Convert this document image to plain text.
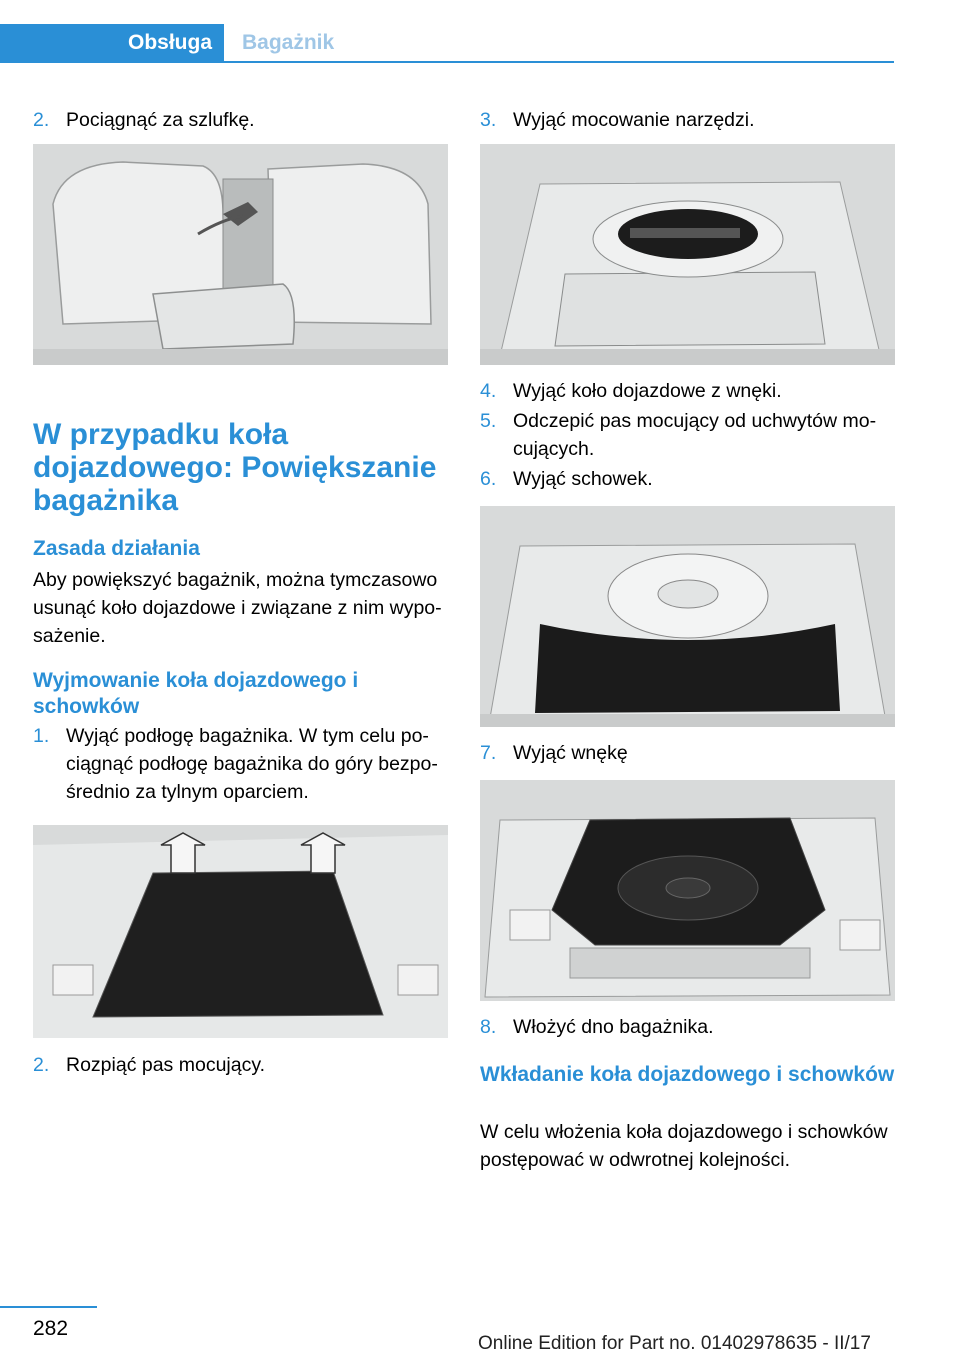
Obsługa	Bagażnik
2. Pociągnąć za szlufkę.
W przypadku koła dojazdowego: Powiększanie bagażnika
Zasada działania
Aby powiększyć bagażnik, można tymczasowo usunąć koło dojazdowe i związane z nim wypo-sażenie.
Wyjmowanie koła dojazdowego i schowków
1. Wyjąć podłogę bagażnika. W tym celu po-ciągnąć podłogę bagażnika do góry bezpo-średnio za tylnym oparciem.
2. Rozpiąć pas mocujący.
3. Wyjąć mocowanie narzędzi.
4. Wyjąć koło dojazdowe z wnęki.
5. Odczepić pas mocujący od uchwytów mo-cujących.
6. Wyjąć schowek.
7. Wyjąć wnękę
8. Włożyć dno bagażnika.
Wkładanie koła dojazdowego i schowków
W celu włożenia koła dojazdowego i schowków postępować w odwrotnej kolejności.
282
Online Edition for Part no. 01402978635 - II/17
